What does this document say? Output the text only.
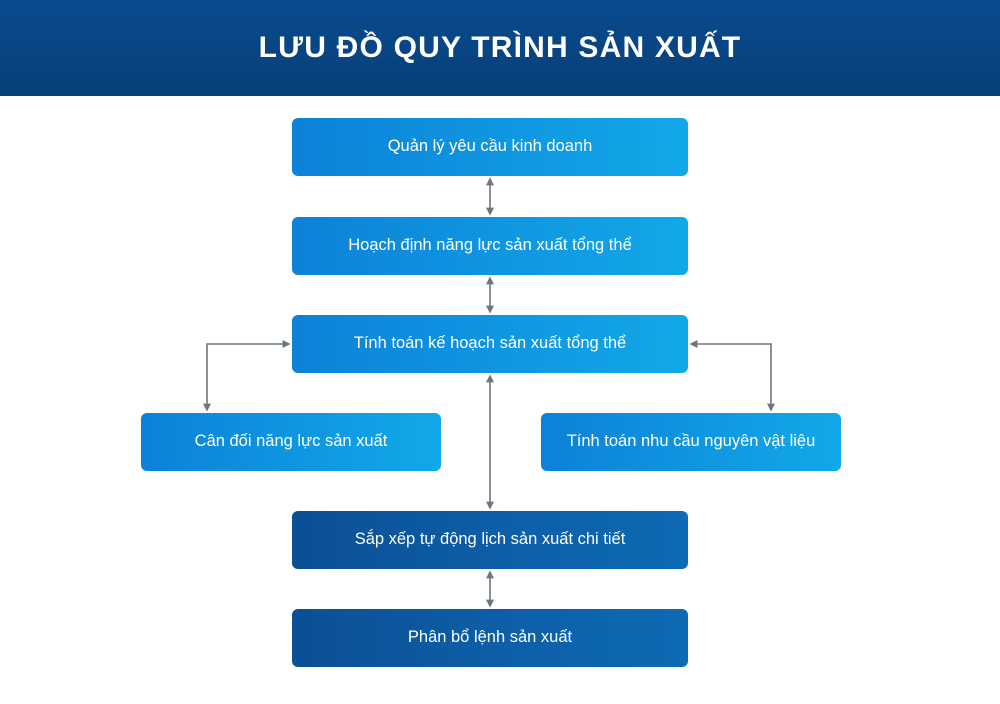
LƯU ĐỒ QUY TRÌNH SẢN XUẤT
Quản lý yêu cầu kinh doanh
Hoạch định năng lực sản xuất tổng thể
Tính toán kế hoạch sản xuất tổng thể
Cân đối năng lực sản xuất	Tính toán nhu cầu nguyên vật liệu
Sắp xếp tự động lịch sản xuất chi tiết
Phân bổ lệnh sản xuất
